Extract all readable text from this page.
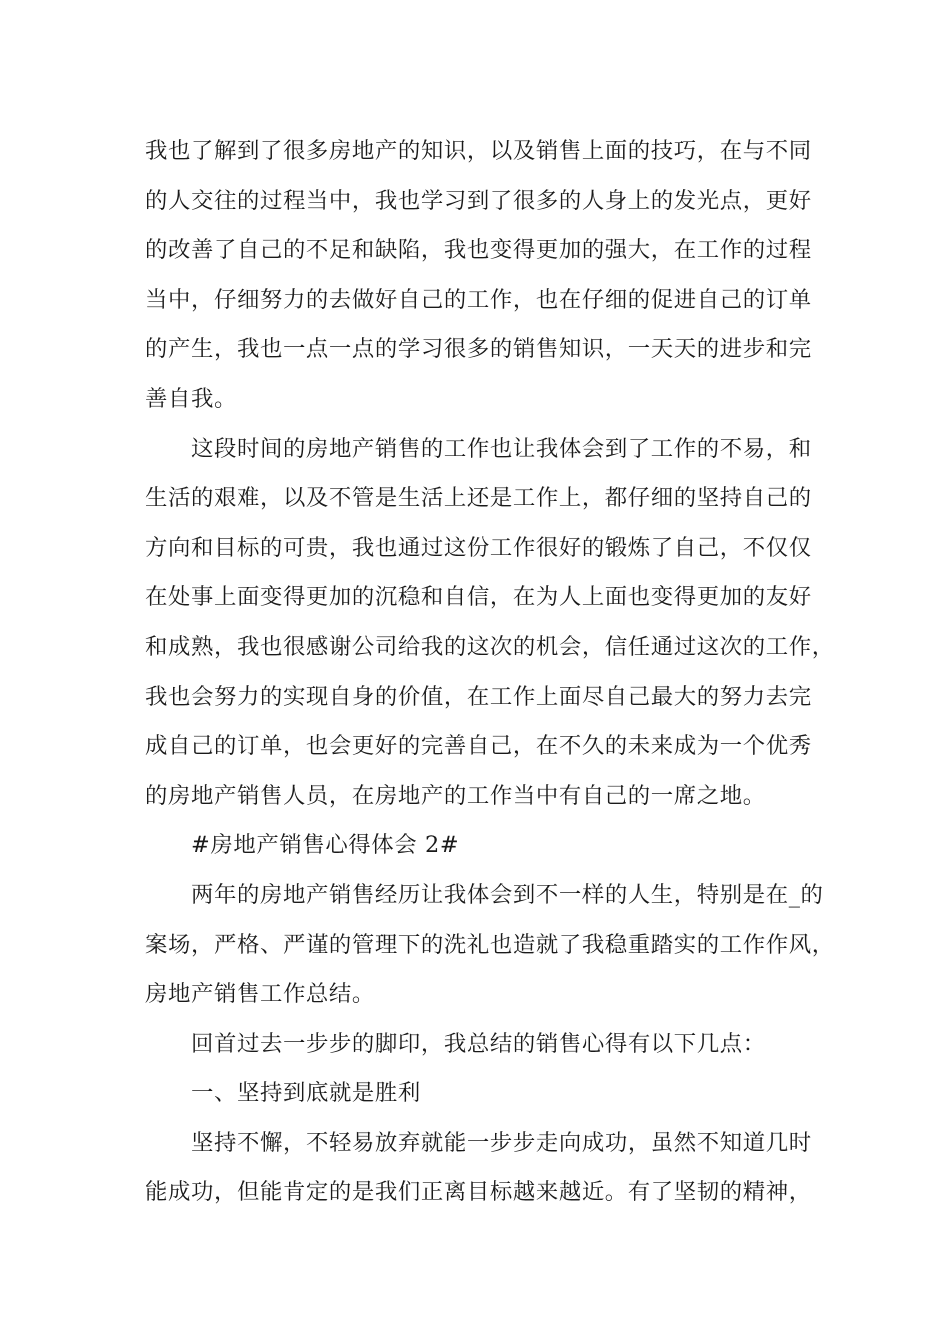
我也了解到了很多房地产的知识，以及销售上面的技巧，在与不同
的人交往的过程当中，我也学习到了很多的人身上的发光点，更好
的改善了自己的不足和缺陷，我也变得更加的强大，在工作的过程
当中，仔细努力的去做好自己的工作，也在仔细的促进自己的订单
的产生，我也一点一点的学习很多的销售知识，一天天的进步和完
善自我。
这段时间的房地产销售的工作也让我体会到了工作的不易，和
生活的艰难，以及不管是生活上还是工作上，都仔细的坚持自己的
方向和目标的可贵，我也通过这份工作很好的锻炼了自己，不仅仅
在处事上面变得更加的沉稳和自信，在为人上面也变得更加的友好
和成熟，我也很感谢公司给我的这次的机会，信任通过这次的工作，
我也会努力的实现自身的价值，在工作上面尽自己最大的努力去完
成自己的订单，也会更好的完善自己，在不久的未来成为一个优秀
的房地产销售人员，在房地产的工作当中有自己的一席之地。
#房地产销售心得体会 2#
两年的房地产销售经历让我体会到不一样的人生，特别是在_的
案场，严格、严谨的管理下的洗礼也造就了我稳重踏实的工作作风，
房地产销售工作总结。
回首过去一步步的脚印，我总结的销售心得有以下几点：
一、坚持到底就是胜利
坚持不懈，不轻易放弃就能一步步走向成功，虽然不知道几时
能成功，但能肯定的是我们正离目标越来越近。有了坚韧的精神，
